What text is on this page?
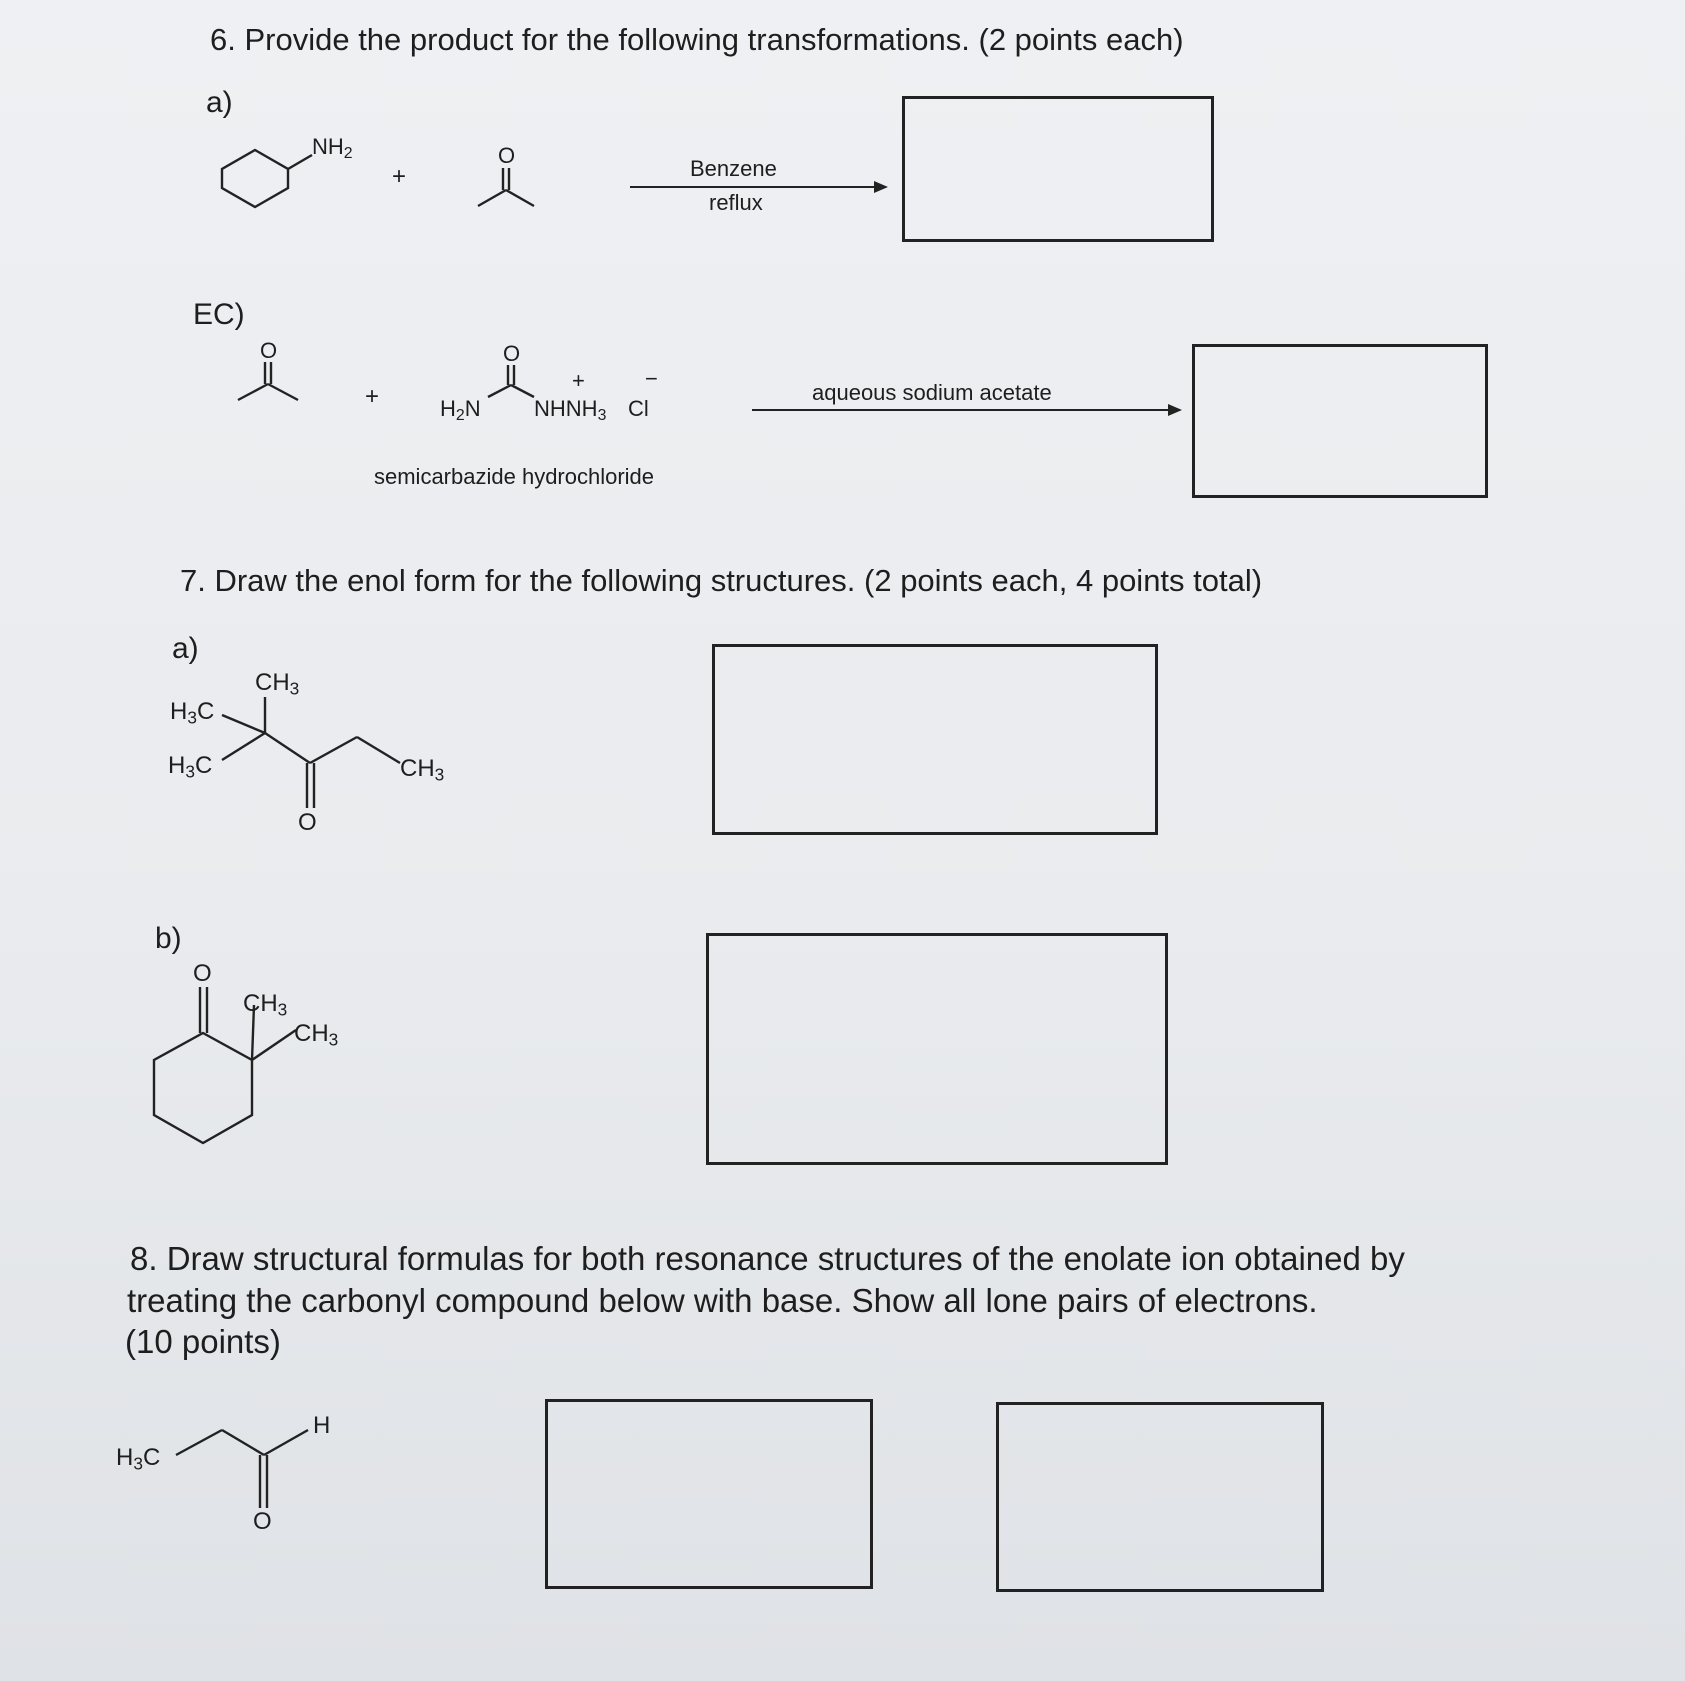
6. Provide the product for the following transformations. (2 points each)
a)
$NH_2$
+
O
Benzene
reflux
EC)
O
+
O
$H_2N$
+	−
$NHNH_3$ Cl
semicarbazide hydrochloride
aqueous sodium acetate
7. Draw the enol form for the following structures. (2 points each, 4 points total)
a)
$CH_3$
$H_3C$
$H_3C$	$CH_3$
O
b)
O
$CH_3$
$CH_3$
8. Draw structural formulas for both resonance structures of the enolate ion obtained by
treating the carbonyl compound below with base. Show all lone pairs of electrons.
(10 points)
$H_3C$
H
O
